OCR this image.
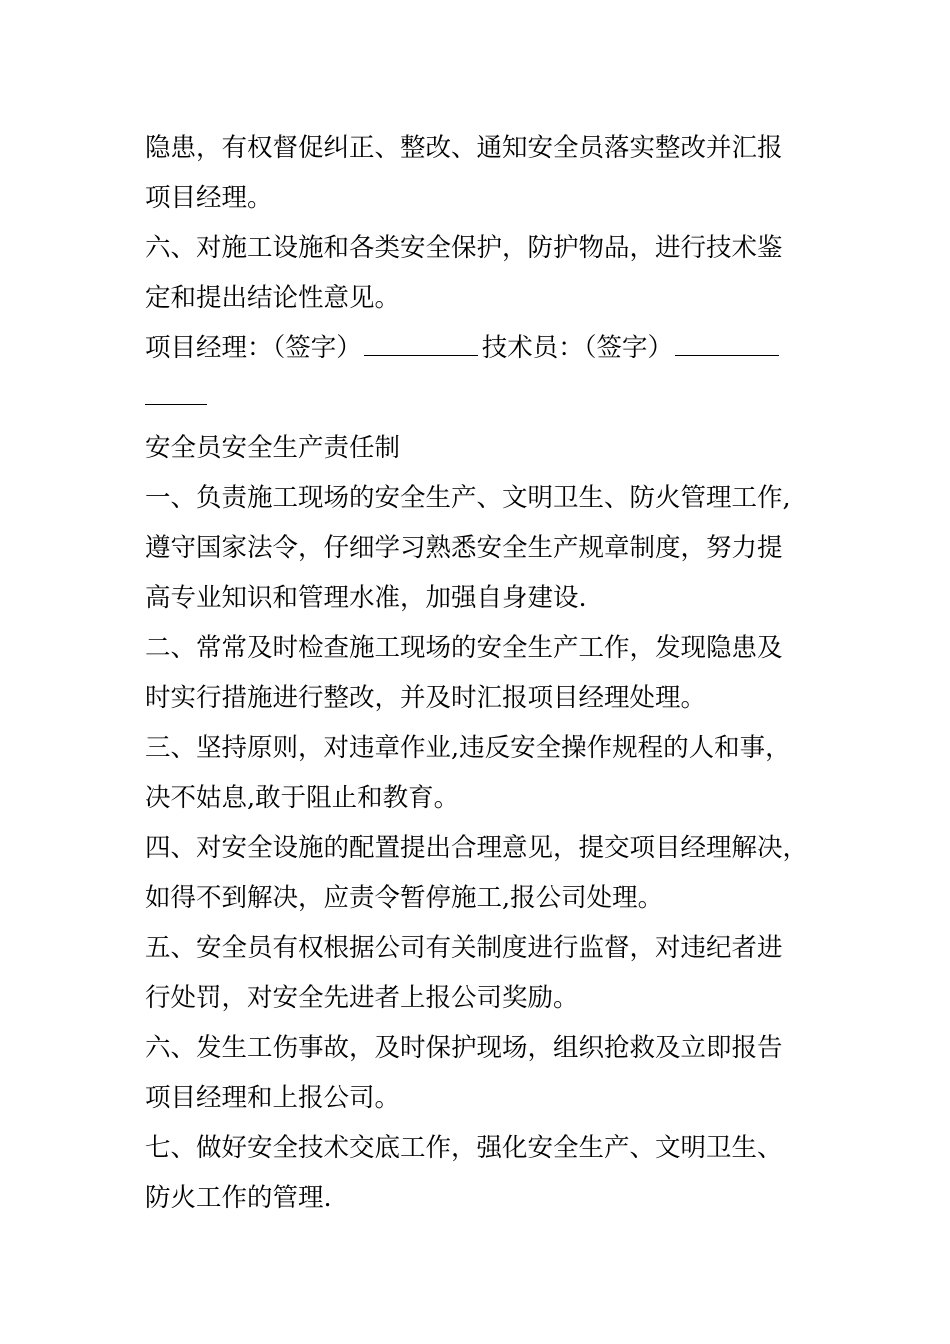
隐患，有权督促纠正、整改、通知安全员落实整改并汇报
项目经理。
六、对施工设施和各类安全保护，防护物品，进行技术鉴
定和提出结论性意见。
项目经理：（签字）	技术员：（签字）
安全员安全生产责任制
一、负责施工现场的安全生产、文明卫生、防火管理工作,
遵守国家法令，仔细学习熟悉安全生产规章制度，努力提
高专业知识和管理水准，加强自身建设.
二、常常及时检查施工现场的安全生产工作，发现隐患及
时实行措施进行整改，并及时汇报项目经理处理。
三、坚持原则，对违章作业,违反安全操作规程的人和事，
决不姑息,敢于阻止和教育。
四、对安全设施的配置提出合理意见，提交项目经理解决，
如得不到解决，应责令暂停施工,报公司处理。
五、安全员有权根据公司有关制度进行监督，对违纪者进
行处罚，对安全先进者上报公司奖励。
六、发生工伤事故，及时保护现场，组织抢救及立即报告
项目经理和上报公司。
七、做好安全技术交底工作，强化安全生产、文明卫生、
防火工作的管理.
